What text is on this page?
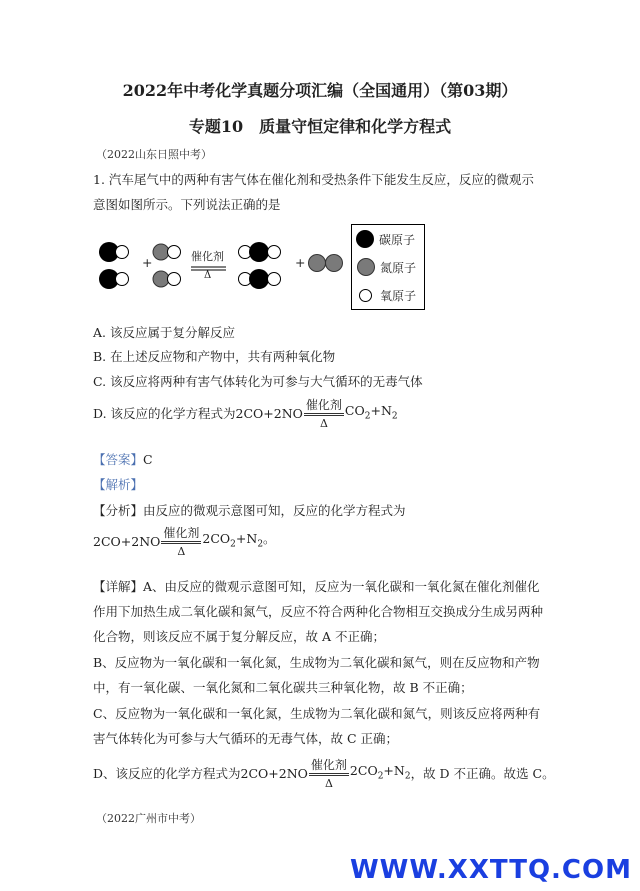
2022年中考化学真题分项汇编（全国通用）（第03期）
专题10　质量守恒定律和化学方程式
（2022山东日照中考）
1. 汽车尾气中的两种有害气体在催化剂和受热条件下能发生反应，反应的微观示
意图如图所示。下列说法正确的是
+	催化剂
Δ
+
碳原子
氮原子
氧原子
A. 该反应属于复分解反应
B. 在上述反应物和产物中，共有两种氧化物
C. 该反应将两种有害气体转化为可参与大气循环的无毒气体
D. 该反应的化学方程式为 $2CO+2NO \frac{\text{催化剂}}{\Delta} CO_2+N_2$
【答案】C
【解析】
【分析】由反应的微观示意图可知，反应的化学方程式为
$2CO+2NO \frac{\text{催化剂}}{\Delta} 2CO_2+N_2$。
【详解】A、由反应的微观示意图可知，反应为一氧化碳和一氧化氮在催化剂催化
作用下加热生成二氧化碳和氮气，反应不符合两种化合物相互交换成分生成另两种
化合物，则该反应不属于复分解反应，故 A 不正确；
B、反应物为一氧化碳和一氧化氮，生成物为二氧化碳和氮气，则在反应物和产物
中，有一氧化碳、一氧化氮和二氧化碳共三种氧化物，故 B 不正确；
C、反应物为一氧化碳和一氧化氮，生成物为二氧化碳和氮气，则该反应将两种有
害气体转化为可参与大气循环的无毒气体，故 C 正确；
D、该反应的化学方程式为 $2CO+2NO \frac{\text{催化剂}}{\Delta} 2CO_2+N_2$ ，故 D 不正确。故选 C。
（2022广州市中考）
WWW.XXTTQ.COM
